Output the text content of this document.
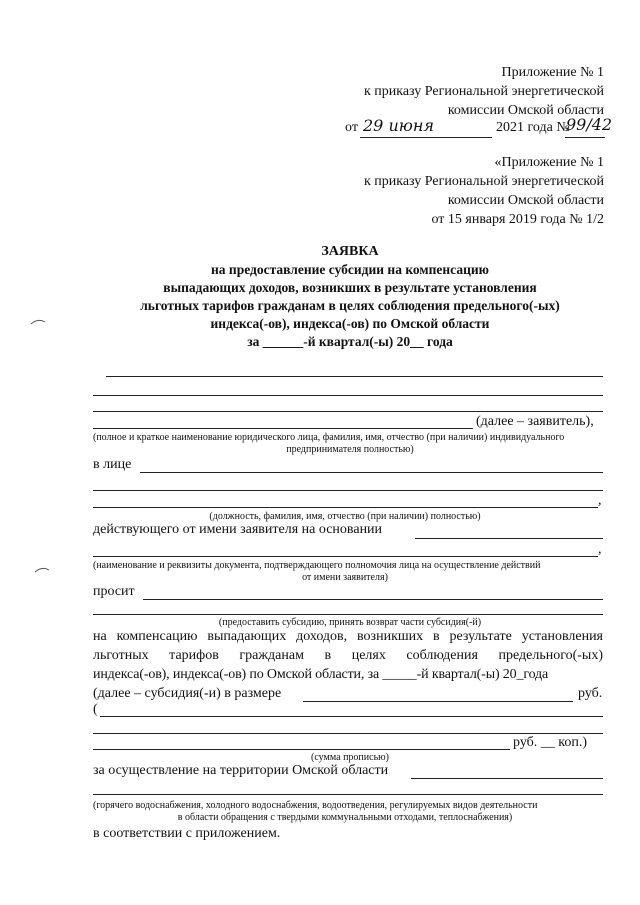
Приложение № 1
к приказу Региональной энергетической
комиссии Омской области
от 29 июня	2021 года №
99/42
«Приложение № 1
к приказу Региональной энергетической
комиссии Омской области
от 15 января 2019 года № 1/2
ЗАЯВКА
на предоставление субсидии на компенсацию
выпадающих доходов, возникших в результате установления
льготных тарифов гражданам в целях соблюдения предельного(-ых)
индекса(-ов), индекса(-ов) по Омской области
за ______-й квартал(-ы) 20__ года
(далее – заявитель),
(полное и краткое наименование юридического лица, фамилия, имя, отчество (при наличии) индивидуального
предпринимателя полностью)
в лице
,
(должность, фамилия, имя, отчество (при наличии) полностью)
действующего от имени заявителя на основании
,
(наименование и реквизиты документа, подтверждающего полномочия лица на осуществление действий
от имени заявителя)
просит
(предоставить субсидию, принять возврат части субсидия(-й)
на компенсацию выпадающих доходов, возникших в результате установления
льготных тарифов гражданам в целях соблюдения предельного(-ых)
индекса(-ов), индекса(-ов) по Омской области, за _____-й квартал(-ы) 20_года
(далее – субсидия(-и) в размере	руб.
(
руб. __ коп.)
(сумма прописью)
за осуществление на территории Омской области
(горячего водоснабжения, холодного водоснабжения, водоотведения, регулируемых видов деятельности
в области обращения с твердыми коммунальными отходами, теплоснабжения)
в соответствии с приложением.
